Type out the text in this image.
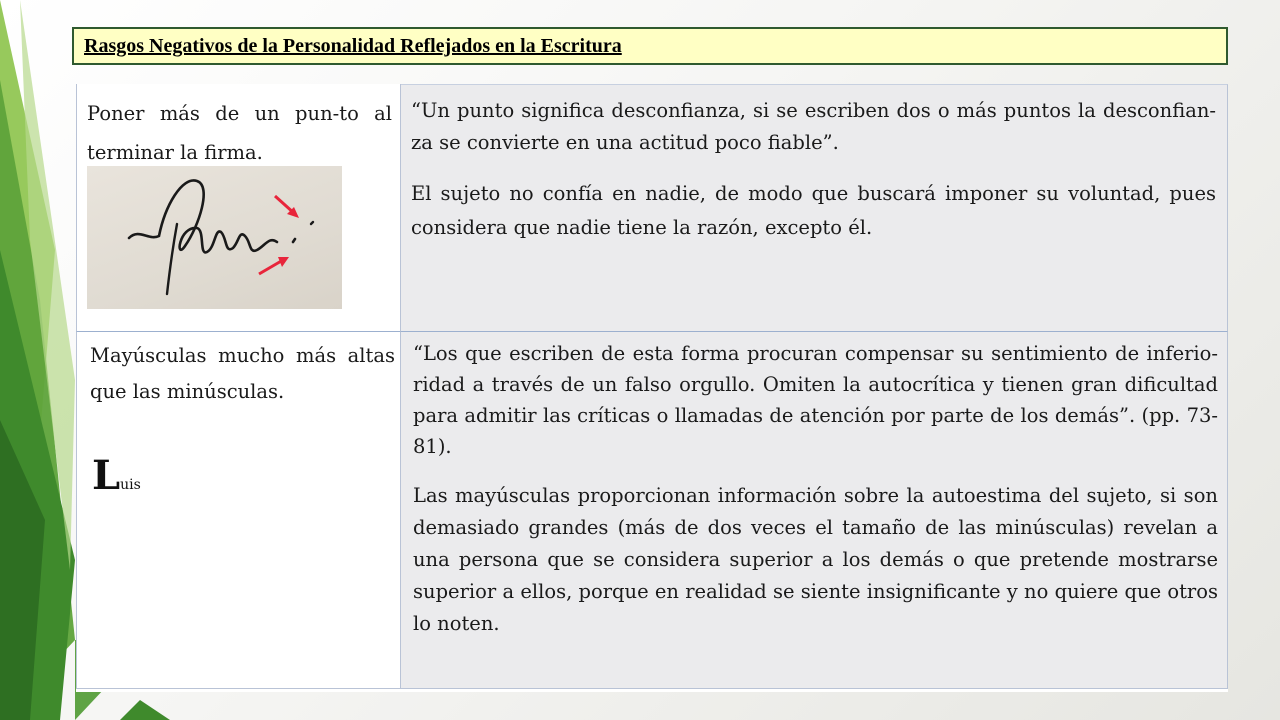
Rasgos Negativos de la Personalidad Reflejados en la Escritura
Poner más de un pun-to al terminar la firma.

“Un punto significa desconfianza, si se escriben dos o más puntos la desconfian-za se convierte en una actitud poco fiable”.

El sujeto no confía en nadie, de modo que buscará imponer su voluntad, pues considera que nadie tiene la razón, excepto él.

Mayúsculas mucho más altas que las minúsculas.
Luis

“Los que escriben de esta forma procuran compensar su sentimiento de inferio-ridad a través de un falso orgullo. Omiten la autocrítica y tienen gran dificultad para admitir las críticas o llamadas de atención por parte de los demás”. (pp. 73-81).

Las mayúsculas proporcionan información sobre la autoestima del sujeto, si son demasiado grandes (más de dos veces el tamaño de las minúsculas) revelan a una persona que se considera superior a los demás o que pretende mostrarse superior a ellos, porque en realidad se siente insignificante y no quiere que otros lo noten.
